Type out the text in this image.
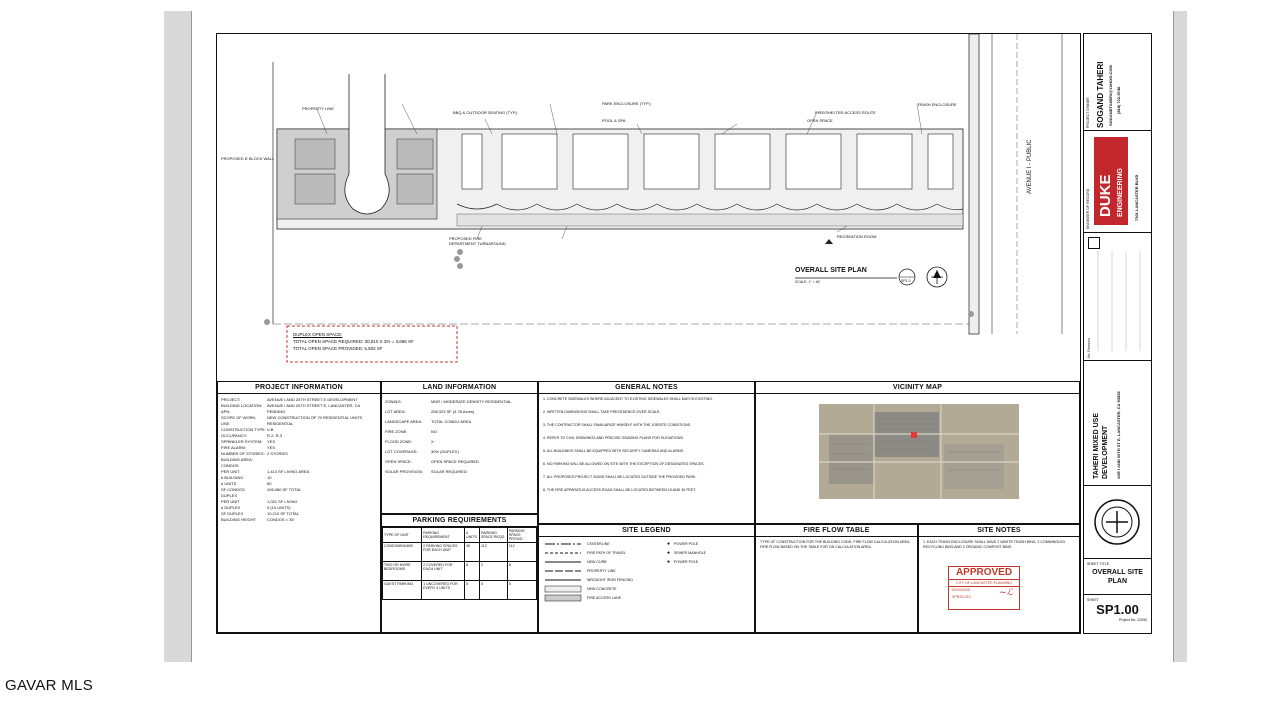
OVERALL SITE PLAN
SCALE: 1" = 40'	SP1.0
AVENUE I - PUBLIC
PROPOSED 8' BLOCK WALL
PROPERTY LINE
BBQ & OUTDOOR SEATING (TYP.)
PARK ENCLOSURE (TYP.)
POOL & SPA	OPEN SPACE
TRASH ENCLOSURE
PROPOSED FIRE DEPARTMENT TURNAROUND
RECREATION ROOM
FIRE/SHELTER ACCESS ROUTE
DUPLEX OPEN SPACE:
TOTAL OPEN SPACE REQUIRED: 30,810 X 3% = 3,696 SF
TOTAL OPEN SPACE PROVIDED: 5,502 SF
PROJECT INFORMATION
PROJECT:	AVENUE I AND 20TH STREET E DEVELOPMENT
BUILDING LOCATION:	AVENUE I AND 20TH STREET E, LANCASTER, CA
APN:	PENDING
SCOPE OF WORK:	NEW CONSTRUCTION OF 70 RESIDENTIAL UNITS
USE:	RESIDENTIAL
CONSTRUCTION TYPE: V-B
OCCUPANCY:	R-2, R-3
SPRINKLER SYSTEM:	YES
FIRE ALARM:	YES
NUMBER OF STORIES: 2 STORIES
BUILDING AREA:
CONDOS
PER UNIT	1,413 SF LIVING AREA
# BUILDING	10
# UNITS	60
SF CONDOS	106,080 SF TOTAL
DUPLEX
PER UNIT	1,021 SF LIVING
# DUPLEX	5 (10 UNITS)
SF DUPLEX	10,210 SF TOTAL
BUILDING HEIGHT	CONDOS < 35'
LAND INFORMATION
ZONING:	MDR / MODERATE DENSITY RESIDENTIAL
LOT AREA:	208,323 SF (4.78 Acres)
LANDSCAPE AREA:	TOTAL CONDO AREA
FIRE ZONE:	NO
FLOOD ZONE:	X
LOT COVERAGE:	30% (DUPLEX)
OPEN SPACE:	OPEN SPACE REQUIRED
SOLAR PROVISION:	SOLAR REQUIRED
PARKING REQUIREMENTS
TYPE OF UNIT	PARKING REQUIREMENT	# UNITS	PARKING SPACE REQD	PARKING SPACE PROVID
CONDOMINIUMS	2 PARKING SPACES FOR EACH UNIT	30	112	112
TWO OR MORE BEDROOMS	2 COVERED FOR EACH UNIT	8	2	8
GUEST PARKING	1 UNCOVERED FOR EVERY 4 UNITS	5	5	5
GENERAL NOTES
1. CONCRETE SIDEWALKS WHERE ADJACENT TO EXISTING SIDEWALKS SHALL MATCH EXISTING.
2. WRITTEN DIMENSIONS SHALL TAKE PRECEDENCE OVER SCALE.
3. THE CONTRACTOR SHALL FAMILIARIZE HIMSELF WITH THE JOBSITE CONDITIONS.
4. REFER TO CIVIL DRAWINGS AND PRECISE GRADING PLANS FOR ELEVATIONS.
5. ALL BUILDINGS SHALL BE EQUIPPED WITH SECURITY CAMERAS AND ALARMS.
6. NO PARKING WILL BE ALLOWED ON SITE WITH THE EXCEPTION OF DESIGNATED SPACES.
7. ALL PROPOSED PROJECT SIGNS SHALL BE LOCATED OUTSIDE THE PROVIDED PARK.
8. THE FIRE APPARATUS ACCESS ROAD SHALL BE LOCATED BETWEEN 15 AND 30 FEET.
VICINITY MAP
SITE LEGEND
CENTERLINE
FIRE PATH OF TRAVEL
NEW CURB
PROPERTY LINE
WROUGHT IRON FENCING
NEW CONCRETE
FIRE ACCESS LANE
● POWER POLE
● SEWER MANHOLE
● POWER POLE
FIRE FLOW TABLE
TYPE OF CONSTRUCTION FOR THE BUILDING CODE, FIRE FLOW CALCULATION AREA, FIRE FLOW BASED ON THE TABLE FOR ON CALCULATION AREA.
SITE NOTES
1. EACH TRASH ENCLOSURE SHALL HAVE 2 WASTE TRASH BINS, 2 COMMINGLED RECYCLING BINS AND 2 ORGANIC COMPOST BINS.
APPROVED
CITY OF LANCASTER PLANNING
03/10/2025
SPR25-010	~ℒ
PROJECT OWNER SOGAND TAHERI SOGANDTAHERI@YAHOO.COM (818) 722-5746
ENGINEER OF RECORD DUKE ENGINEERING	7301 LANCASTER BLVD
No. Revision
TAHERI MIXED USE DEVELOPMENT AVE I AND 20TH ST E, LANCASTER, CA 93535
SHEET TITLE
OVERALL SITE PLAN
SHEET
SP1.00
Project No. 22090
GAVAR MLS
